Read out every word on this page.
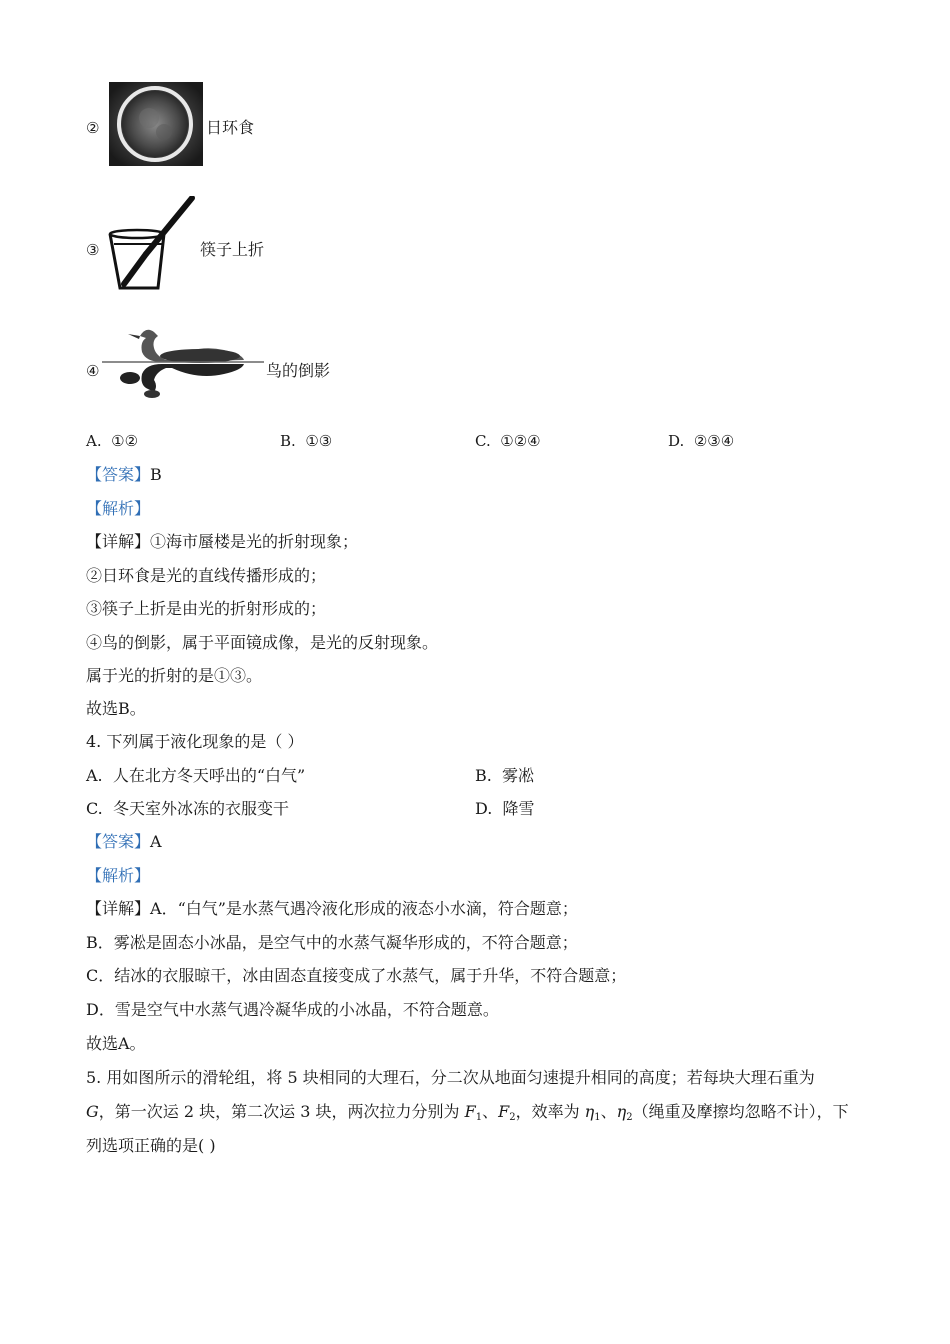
②	日环食
③	筷子上折
④	鸟的倒影
A. ①②	B. ①③	C. ①②④	D. ②③④
【答案】B
【解析】
【详解】①海市蜃楼是光的折射现象；
②日环食是光的直线传播形成的；
③筷子上折是由光的折射形成的；
④鸟的倒影，属于平面镜成像，是光的反射现象。
属于光的折射的是①③。
故选B。
4. 下列属于液化现象的是（ ）
A. 人在北方冬天呼出的“白气”	B. 雾凇
C. 冬天室外冰冻的衣服变干	D. 降雪
【答案】A
【解析】
【详解】A．“白气”是水蒸气遇冷液化形成的液态小水滴，符合题意；
B．雾凇是固态小冰晶，是空气中的水蒸气凝华形成的，不符合题意；
C．结冰的衣服晾干，冰由固态直接变成了水蒸气，属于升华，不符合题意；
D．雪是空气中水蒸气遇冷凝华成的小冰晶，不符合题意。
故选A。
5. 用如图所示的滑轮组，将 5 块相同的大理石，分二次从地面匀速提升相同的高度；若每块大理石重为
G，第一次运 2 块，第二次运 3 块，两次拉力分别为 $F_1$、$F_2$，效率为 $\eta_1$、$\eta_2$（绳重及摩擦均忽略不计），下
列选项正确的是( )
